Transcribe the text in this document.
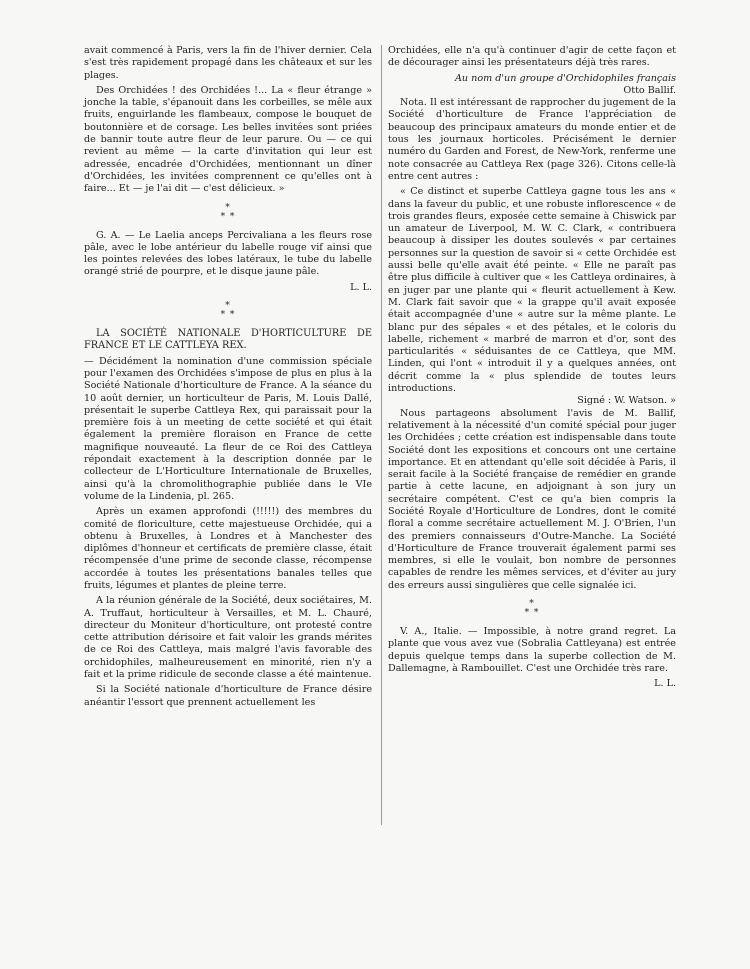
avait commencé à Paris, vers la fin de l'hiver dernier. Cela s'est très rapidement propagé dans les châteaux et sur les plages.

Des Orchidées ! des Orchidées !... La « fleur étrange » jonche la table, s'épanouit dans les corbeilles, se mêle aux fruits, enguirlande les flambeaux, compose le bouquet de boutonnière et de corsage. Les belles invitées sont priées de bannir toute autre fleur de leur parure. Ou — ce qui revient au même — la carte d'invitation qui leur est adressée, encadrée d'Orchidées, mentionnant un dîner d'Orchidées, les invitées comprennent ce qu'elles ont à faire... Et — je l'ai dit — c'est délicieux. »

*
* *

G. A. — Le Laelia anceps Percivaliana a les fleurs rose pâle, avec le lobe antérieur du labelle rouge vif ainsi que les pointes relevées des lobes latéraux, le tube du labelle orangé strié de pourpre, et le disque jaune pâle.

L. L.

*
* *

LA SOCIÉTÉ NATIONALE D'HORTICULTURE DE FRANCE ET LE CATTLEYA REX.

— Décidément la nomination d'une commission spéciale pour l'examen des Orchidées s'impose de plus en plus à la Société Nationale d'horticulture de France. A la séance du 10 août dernier, un horticulteur de Paris, M. Louis Dallé, présentait le superbe Cattleya Rex, qui paraissait pour la première fois à un meeting de cette société et qui était également la première floraison en France de cette magnifique nouveauté. La fleur de ce Roi des Cattleya répondait exactement à la description donnée par le collecteur de L'Horticulture Internationale de Bruxelles, ainsi qu'à la chromolithographie publiée dans le VIe volume de la Lindenia, pl. 265.

Après un examen approfondi (!!!!!) des membres du comité de floriculture, cette majestueuse Orchidée, qui a obtenu à Bruxelles, à Londres et à Manchester des diplômes d'honneur et certificats de première classe, était récompensée d'une prime de seconde classe, récompense accordée à toutes les présentations banales telles que fruits, légumes et plantes de pleine terre.

A la réunion générale de la Société, deux sociétaires, M. A. Truffaut, horticulteur à Versailles, et M. L. Chauré, directeur du Moniteur d'horticulture, ont protesté contre cette attribution dérisoire et fait valoir les grands mérites de ce Roi des Cattleya, mais malgré l'avis favorable des orchidophiles, malheureusement en minorité, rien n'y a fait et la prime ridicule de seconde classe a été maintenue.

Si la Société nationale d'horticulture de France désire anéantir l'essort que prennent actuellement les

Orchidées, elle n'a qu'à continuer d'agir de cette façon et de décourager ainsi les présentateurs déjà très rares.

Au nom d'un groupe d'Orchidophiles français

Otto Ballif.

Nota. Il est intéressant de rapprocher du jugement de la Société d'horticulture de France l'appréciation de beaucoup des principaux amateurs du monde entier et de tous les journaux horticoles. Précisément le dernier numéro du Garden and Forest, de New-York, renferme une note consacrée au Cattleya Rex (page 326). Citons celle-là entre cent autres :

« Ce distinct et superbe Cattleya gagne tous les ans « dans la faveur du public, et une robuste inflorescence « de trois grandes fleurs, exposée cette semaine à Chiswick par un amateur de Liverpool, M. W. C. Clark, « contribuera beaucoup à dissiper les doutes soulevés « par certaines personnes sur la question de savoir si « cette Orchidée est aussi belle qu'elle avait été peinte. « Elle ne paraît pas être plus difficile à cultiver que « les Cattleya ordinaires, à en juger par une plante qui « fleurit actuellement à Kew. M. Clark fait savoir que « la grappe qu'il avait exposée était accompagnée d'une « autre sur la même plante. Le blanc pur des sépales « et des pétales, et le coloris du labelle, richement « marbré de marron et d'or, sont des particularités « séduisantes de ce Cattleya, que MM. Linden, qui l'ont « introduit il y a quelques années, ont décrit comme la « plus splendide de toutes leurs introductions.

Signé : W. Watson. »

Nous partageons absolument l'avis de M. Ballif, relativement à la nécessité d'un comité spécial pour juger les Orchidées ; cette création est indispensable dans toute Société dont les expositions et concours ont une certaine importance. Et en attendant qu'elle soit décidée à Paris, il serait facile à la Société française de remédier en grande partie à cette lacune, en adjoignant à son jury un secrétaire compétent. C'est ce qu'a bien compris la Société Royale d'Horticulture de Londres, dont le comité floral a comme secrétaire actuellement M. J. O'Brien, l'un des premiers connaisseurs d'Outre-Manche. La Société d'Horticulture de France trouverait également parmi ses membres, si elle le voulait, bon nombre de personnes capables de rendre les mêmes services, et d'éviter au jury des erreurs aussi singulières que celle signalée ici.

*
* *

V. A., Italie. — Impossible, à notre grand regret. La plante que vous avez vue (Sobralia Cattleyana) est entrée depuis quelque temps dans la superbe collection de M. Dallemagne, à Rambouillet. C'est une Orchidée très rare.

L. L.
